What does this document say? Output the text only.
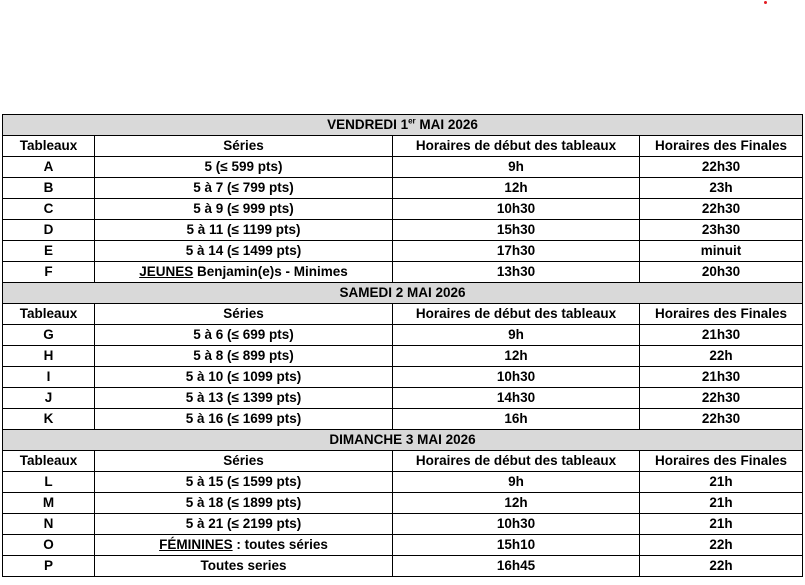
VENDREDI 1er MAI 2026			
Tableaux	Séries	Horaires de début des tableaux	Horaires des Finales
A	5 (≤ 599 pts)	9h	22h30
B	5 à 7 (≤ 799 pts)	12h	23h
C	5 à 9 (≤ 999 pts)	10h30	22h30
D	5 à 11 (≤ 1199 pts)	15h30	23h30
E	5 à 14 (≤ 1499 pts)	17h30	minuit
F	JEUNES Benjamin(e)s - Minimes	13h30	20h30
SAMEDI 2 MAI 2026			
Tableaux	Séries	Horaires de début des tableaux	Horaires des Finales
G	5 à 6 (≤ 699 pts)	9h	21h30
H	5 à 8 (≤ 899 pts)	12h	22h
I	5 à 10 (≤ 1099 pts)	10h30	21h30
J	5 à 13 (≤ 1399 pts)	14h30	22h30
K	5 à 16 (≤ 1699 pts)	16h	22h30
DIMANCHE 3 MAI 2026			
Tableaux	Séries	Horaires de début des tableaux	Horaires des Finales
L	5 à 15 (≤ 1599 pts)	9h	21h
M	5 à 18 (≤ 1899 pts)	12h	21h
N	5 à 21 (≤ 2199 pts)	10h30	21h
O	FÉMININES : toutes séries	15h10	22h
P	Toutes series	16h45	22h
